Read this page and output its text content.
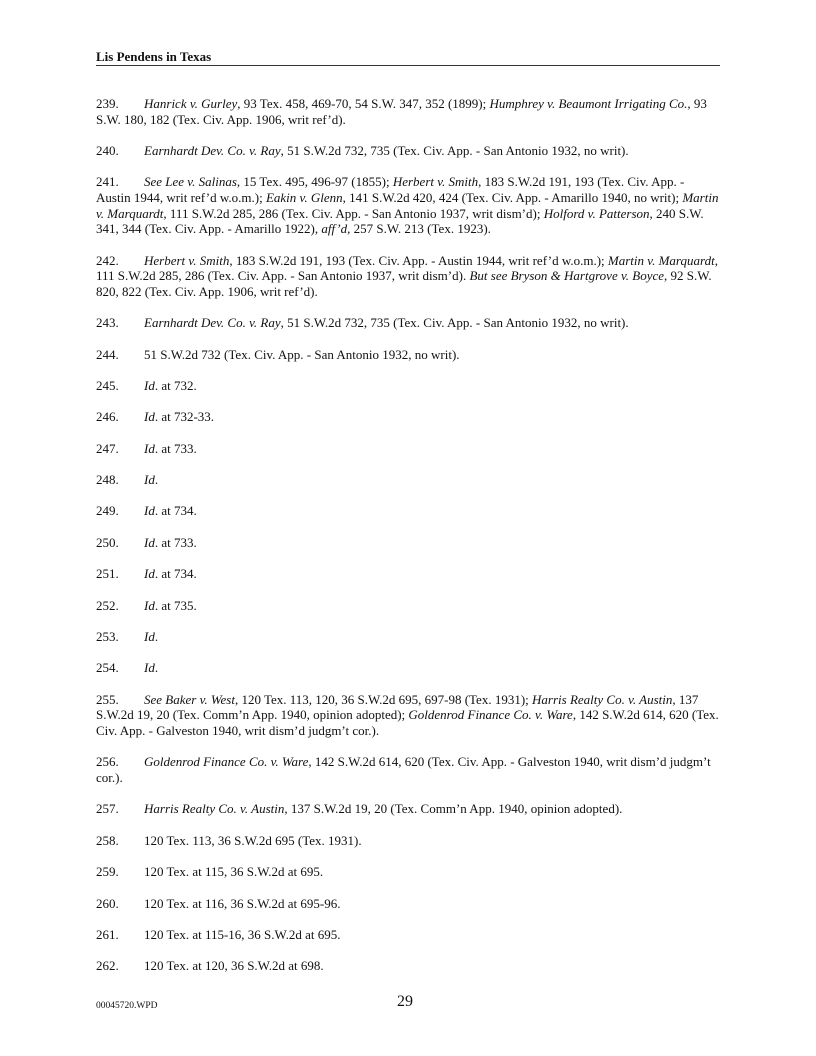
Lis Pendens in Texas

239. Hanrick v. Gurley, 93 Tex. 458, 469-70, 54 S.W. 347, 352 (1899); Humphrey v. Beaumont Irrigating Co., 93 S.W. 180, 182 (Tex. Civ. App. 1906, writ ref’d).

240. Earnhardt Dev. Co. v. Ray, 51 S.W.2d 732, 735 (Tex. Civ. App. - San Antonio 1932, no writ).

241. See Lee v. Salinas, 15 Tex. 495, 496-97 (1855); Herbert v. Smith, 183 S.W.2d 191, 193 (Tex. Civ. App. - Austin 1944, writ ref’d w.o.m.); Eakin v. Glenn, 141 S.W.2d 420, 424 (Tex. Civ. App. - Amarillo 1940, no writ); Martin v. Marquardt, 111 S.W.2d 285, 286 (Tex. Civ. App. - San Antonio 1937, writ dism’d); Holford v. Patterson, 240 S.W. 341, 344 (Tex. Civ. App. - Amarillo 1922), aff’d, 257 S.W. 213 (Tex. 1923).

242. Herbert v. Smith, 183 S.W.2d 191, 193 (Tex. Civ. App. - Austin 1944, writ ref’d w.o.m.); Martin v. Marquardt, 111 S.W.2d 285, 286 (Tex. Civ. App. - San Antonio 1937, writ dism’d). But see Bryson & Hartgrove v. Boyce, 92 S.W. 820, 822 (Tex. Civ. App. 1906, writ ref’d).

243. Earnhardt Dev. Co. v. Ray, 51 S.W.2d 732, 735 (Tex. Civ. App. - San Antonio 1932, no writ).

244. 51 S.W.2d 732 (Tex. Civ. App. - San Antonio 1932, no writ).

245. Id. at 732.

246. Id. at 732-33.

247. Id. at 733.

248. Id.

249. Id. at 734.

250. Id. at 733.

251. Id. at 734.

252. Id. at 735.

253. Id.

254. Id.

255. See Baker v. West, 120 Tex. 113, 120, 36 S.W.2d 695, 697-98 (Tex. 1931); Harris Realty Co. v. Austin, 137 S.W.2d 19, 20 (Tex. Comm’n App. 1940, opinion adopted); Goldenrod Finance Co. v. Ware, 142 S.W.2d 614, 620 (Tex. Civ. App. - Galveston 1940, writ dism’d judgm’t cor.).

256. Goldenrod Finance Co. v. Ware, 142 S.W.2d 614, 620 (Tex. Civ. App. - Galveston 1940, writ dism’d judgm’t cor.).

257. Harris Realty Co. v. Austin, 137 S.W.2d 19, 20 (Tex. Comm’n App. 1940, opinion adopted).

258. 120 Tex. 113, 36 S.W.2d 695 (Tex. 1931).

259. 120 Tex. at 115, 36 S.W.2d at 695.

260. 120 Tex. at 116, 36 S.W.2d at 695-96.

261. 120 Tex. at 115-16, 36 S.W.2d at 695.

262. 120 Tex. at 120, 36 S.W.2d at 698.

00045720.WPD	29
